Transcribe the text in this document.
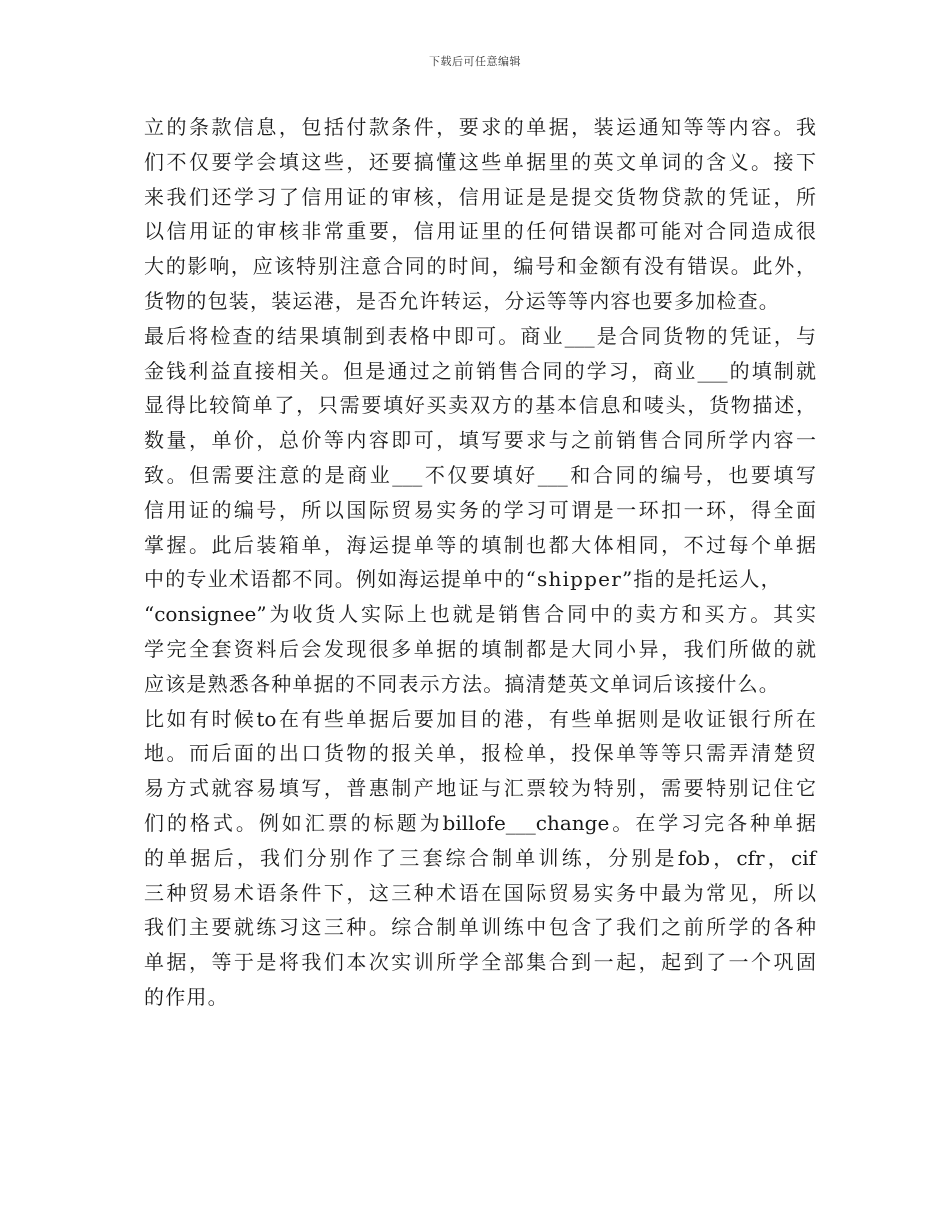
下载后可任意编辑
立的条款信息，包括付款条件，要求的单据，装运通知等等内容。我
们不仅要学会填这些，还要搞懂这些单据里的英文单词的含义。接下
来我们还学习了信用证的审核，信用证是是提交货物贷款的凭证，所
以信用证的审核非常重要，信用证里的任何错误都可能对合同造成很
大的影响，应该特别注意合同的时间，编号和金额有没有错误。此外，
货物的包装，装运港，是否允许转运，分运等等内容也要多加检查。
最后将检查的结果填制到表格中即可。商业___是合同货物的凭证，与
金钱利益直接相关。但是通过之前销售合同的学习，商业___的填制就
显得比较简单了，只需要填好买卖双方的基本信息和唛头，货物描述，
数量，单价，总价等内容即可，填写要求与之前销售合同所学内容一
致。但需要注意的是商业___不仅要填好___和合同的编号，也要填写
信用证的编号，所以国际贸易实务的学习可谓是一环扣一环，得全面
掌握。此后装箱单，海运提单等的填制也都大体相同，不过每个单据
中的专业术语都不同。例如海运提单中的“shipper”指的是托运人，
“consignee”为收货人实际上也就是销售合同中的卖方和买方。其实
学完全套资料后会发现很多单据的填制都是大同小异，我们所做的就
应该是熟悉各种单据的不同表示方法。搞清楚英文单词后该接什么。
比如有时候to在有些单据后要加目的港，有些单据则是收证银行所在
地。而后面的出口货物的报关单，报检单，投保单等等只需弄清楚贸
易方式就容易填写，普惠制产地证与汇票较为特别，需要特别记住它
们的格式。例如汇票的标题为billofe___change。在学习完各种单据
的单据后，我们分别作了三套综合制单训练，分别是fob，cfr，cif
三种贸易术语条件下，这三种术语在国际贸易实务中最为常见，所以
我们主要就练习这三种。综合制单训练中包含了我们之前所学的各种
单据，等于是将我们本次实训所学全部集合到一起，起到了一个巩固
的作用。
